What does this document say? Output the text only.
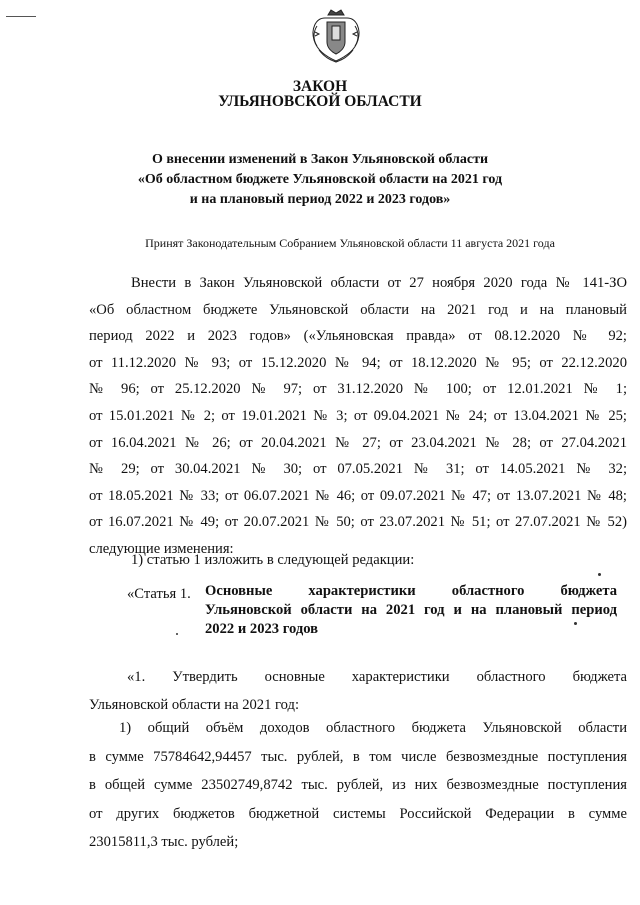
ЗАКОН
УЛЬЯНОВСКОЙ ОБЛАСТИ
О внесении изменений в Закон Ульяновской области
«Об областном бюджете Ульяновской области на 2021 год
и на плановый период 2022 и 2023 годов»
Принят Законодательным Собранием Ульяновской области 11 августа 2021 года
Внести в Закон Ульяновской области от 27 ноября 2020 года № 141-ЗО
«Об областном бюджете Ульяновской области на 2021 год и на плановый
период 2022 и 2023 годов» («Ульяновская правда» от 08.12.2020 № 92;
от 11.12.2020 № 93; от 15.12.2020 № 94; от 18.12.2020 № 95; от 22.12.2020
№ 96; от 25.12.2020 № 97; от 31.12.2020 № 100; от 12.01.2021 № 1;
от 15.01.2021 № 2; от 19.01.2021 № 3; от 09.04.2021 № 24; от 13.04.2021 № 25;
от 16.04.2021 № 26; от 20.04.2021 № 27; от 23.04.2021 № 28; от 27.04.2021
№ 29; от 30.04.2021 № 30; от 07.05.2021 № 31; от 14.05.2021 № 32;
от 18.05.2021 № 33; от 06.07.2021 № 46; от 09.07.2021 № 47; от 13.07.2021 № 48;
от 16.07.2021 № 49; от 20.07.2021 № 50; от 23.07.2021 № 51; от 27.07.2021 № 52)
следующие изменения:
1) статью 1 изложить в следующей редакции:
«Статья 1. Основные характеристики областного бюджета
Ульяновской области на 2021 год и на плановый период
2022 и 2023 годов
«1. Утвердить основные характеристики областного бюджета
Ульяновской области на 2021 год:
1) общий объём доходов областного бюджета Ульяновской области
в сумме 75784642,94457 тыс. рублей, в том числе безвозмездные поступления
в общей сумме 23502749,8742 тыс. рублей, из них безвозмездные поступления
от других бюджетов бюджетной системы Российской Федерации в сумме
23015811,3 тыс. рублей;
